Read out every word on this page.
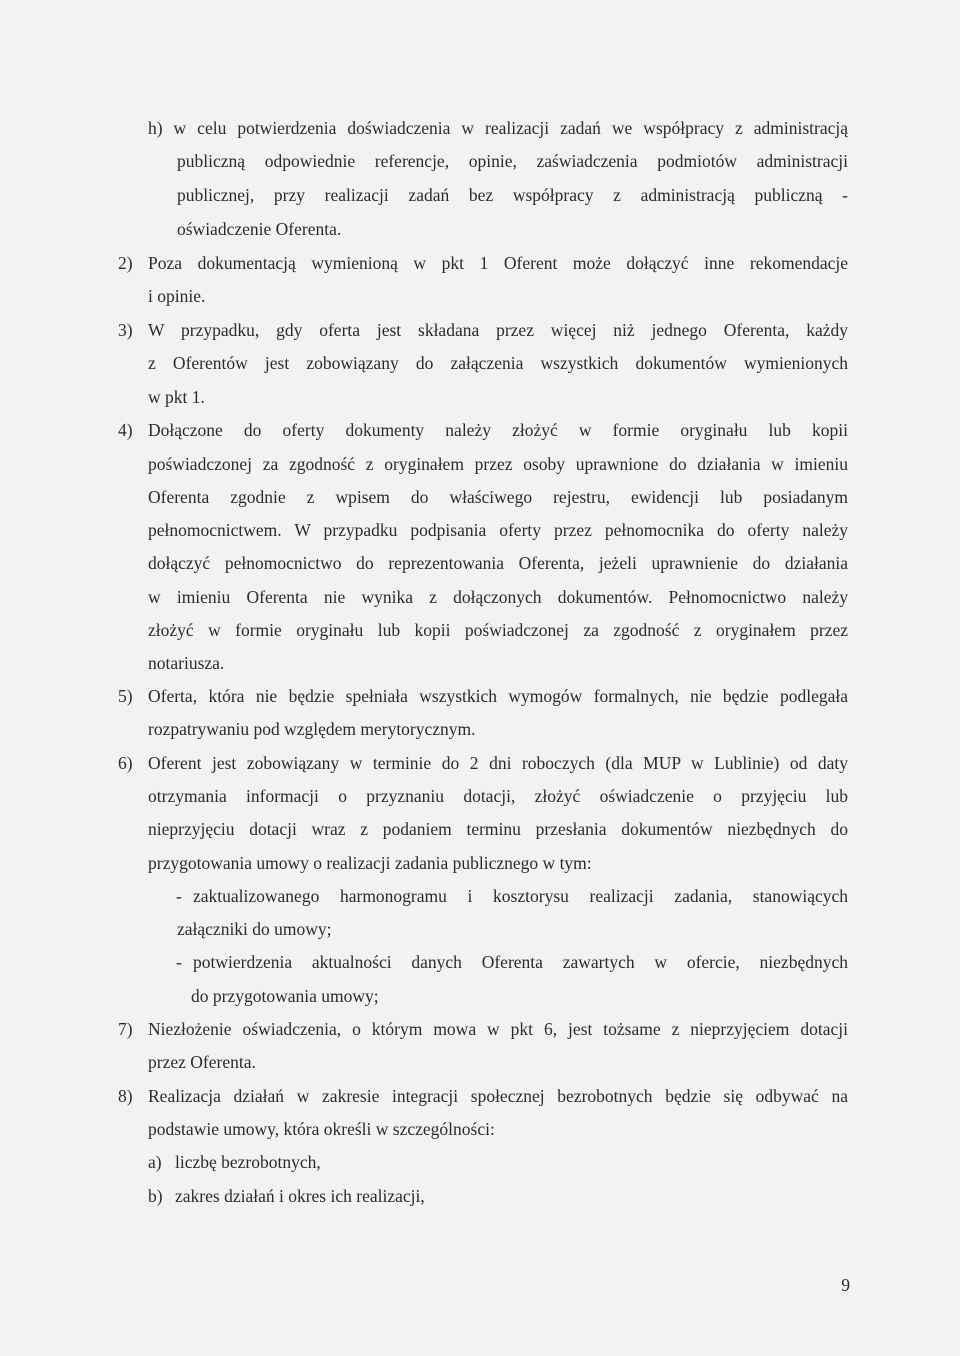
h) w celu potwierdzenia doświadczenia w realizacji zadań we współpracy z administracją
publiczną odpowiednie referencje, opinie, zaświadczenia podmiotów administracji
publicznej, przy realizacji zadań bez współpracy z administracją publiczną -
oświadczenie Oferenta.
2) Poza dokumentacją wymienioną w pkt 1 Oferent może dołączyć inne rekomendacje
i opinie.
3) W przypadku, gdy oferta jest składana przez więcej niż jednego Oferenta, każdy
z Oferentów jest zobowiązany do załączenia wszystkich dokumentów wymienionych
w pkt 1.
4) Dołączone do oferty dokumenty należy złożyć w formie oryginału lub kopii
poświadczonej za zgodność z oryginałem przez osoby uprawnione do działania w imieniu
Oferenta zgodnie z wpisem do właściwego rejestru, ewidencji lub posiadanym
pełnomocnictwem. W przypadku podpisania oferty przez pełnomocnika do oferty należy
dołączyć pełnomocnictwo do reprezentowania Oferenta, jeżeli uprawnienie do działania
w imieniu Oferenta nie wynika z dołączonych dokumentów. Pełnomocnictwo należy
złożyć w formie oryginału lub kopii poświadczonej za zgodność z oryginałem przez
notariusza.
5) Oferta, która nie będzie spełniała wszystkich wymogów formalnych, nie będzie podlegała
rozpatrywaniu pod względem merytorycznym.
6) Oferent jest zobowiązany w terminie do 2 dni roboczych (dla MUP w Lublinie) od daty
otrzymania informacji o przyznaniu dotacji, złożyć oświadczenie o przyjęciu lub
nieprzyjęciu dotacji wraz z podaniem terminu przesłania dokumentów niezbędnych do
przygotowania umowy o realizacji zadania publicznego w tym:
- zaktualizowanego harmonogramu i kosztorysu realizacji zadania, stanowiących
załączniki do umowy;
- potwierdzenia aktualności danych Oferenta zawartych w ofercie, niezbędnych
do przygotowania umowy;
7) Niezłożenie oświadczenia, o którym mowa w pkt 6, jest tożsame z nieprzyjęciem dotacji
przez Oferenta.
8) Realizacja działań w zakresie integracji społecznej bezrobotnych będzie się odbywać na
podstawie umowy, która określi w szczególności:
a) liczbę bezrobotnych,
b) zakres działań i okres ich realizacji,
9
